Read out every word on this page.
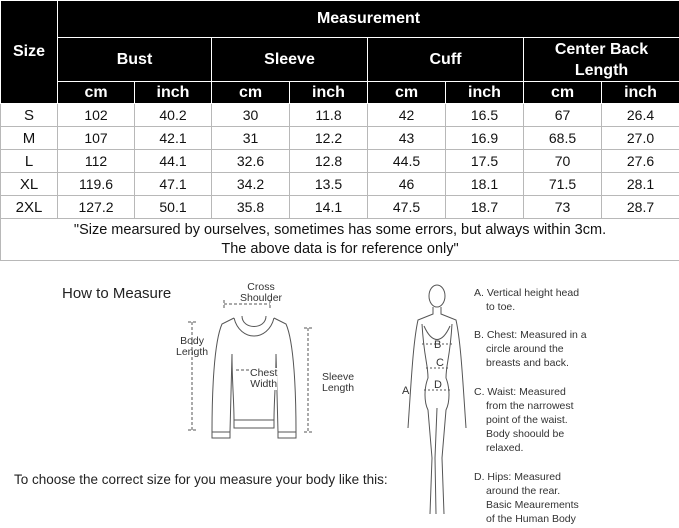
Size	Measurement							
	Bust		Sleeve		Cuff		Center Back Length	
	cm	inch	cm	inch	cm	inch	cm	inch
S	102	40.2	30	11.8	42	16.5	67	26.4
M	107	42.1	31	12.2	43	16.9	68.5	27.0
L	112	44.1	32.6	12.8	44.5	17.5	70	27.6
XL	119.6	47.1	34.2	13.5	46	18.1	71.5	28.1
2XL	127.2	50.1	35.8	14.1	47.5	18.7	73	28.7
"Size mearsured by ourselves, sometimes has some errors, but always within 3cm.
The above data is for reference only"								
How to Measure	Cross
Shoulder
Body
Length
Chest
Width
Sleeve
Length
B
C
D
A
A. Vertical height head
to toe.
B. Chest: Measured in a
circle around the
breasts and back.
C. Waist: Measured
from the narrowest
point of the waist.
Body shoould be
relaxed.
D. Hips: Measured
around the rear.
Basic Meaurements
of the Human Body
To choose the correct size for you measure your body like this:
